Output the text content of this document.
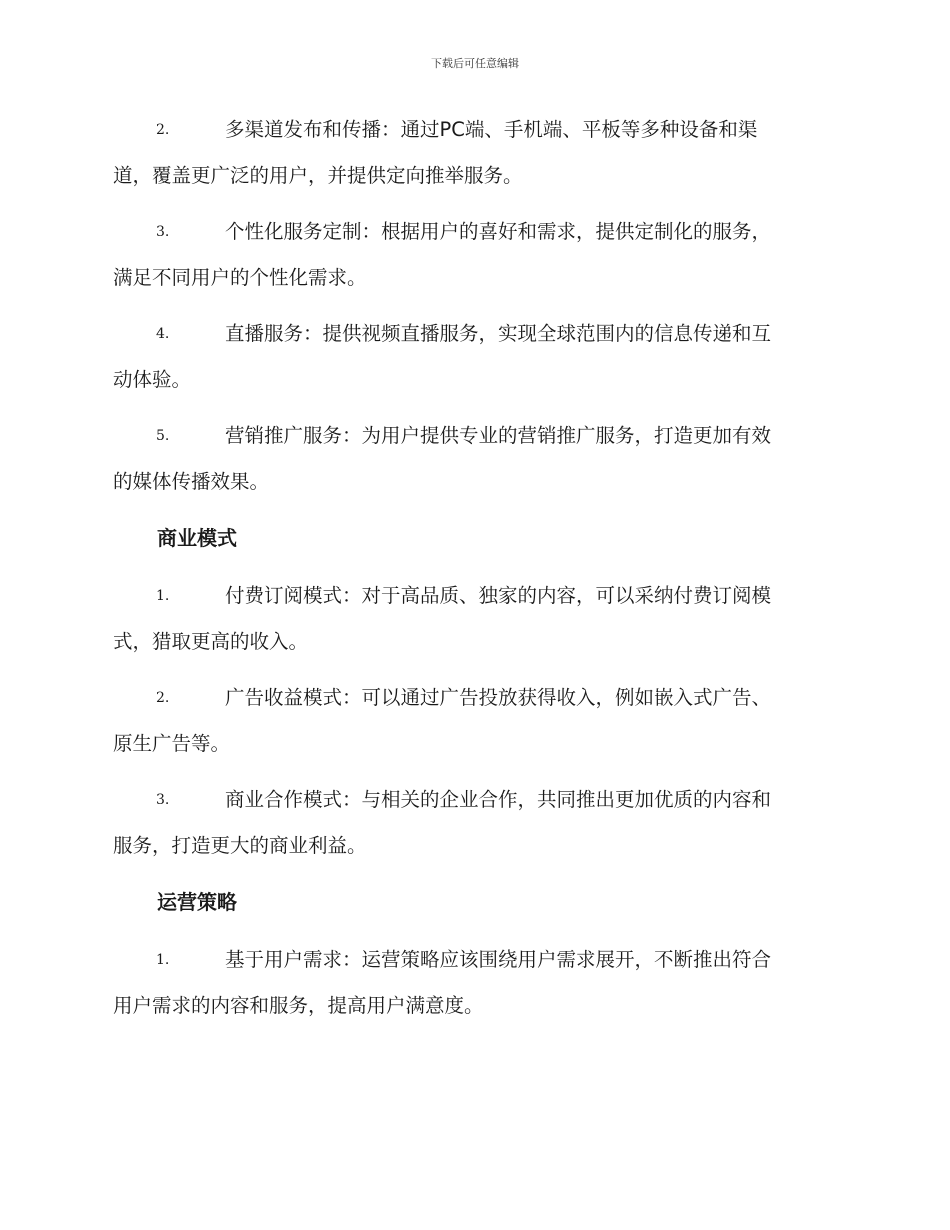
下载后可任意编辑
2.	多渠道发布和传播：通过PC端、手机端、平板等多种设备和渠
道，覆盖更广泛的用户，并提供定向推举服务。
3.	个性化服务定制：根据用户的喜好和需求，提供定制化的服务，
满足不同用户的个性化需求。
4.	直播服务：提供视频直播服务，实现全球范围内的信息传递和互
动体验。
5.	营销推广服务：为用户提供专业的营销推广服务，打造更加有效
的媒体传播效果。
商业模式
1.	付费订阅模式：对于高品质、独家的内容，可以采纳付费订阅模
式，猎取更高的收入。
2.	广告收益模式：可以通过广告投放获得收入，例如嵌入式广告、
原生广告等。
3.	商业合作模式：与相关的企业合作，共同推出更加优质的内容和
服务，打造更大的商业利益。
运营策略
1.	基于用户需求：运营策略应该围绕用户需求展开，不断推出符合
用户需求的内容和服务，提高用户满意度。
